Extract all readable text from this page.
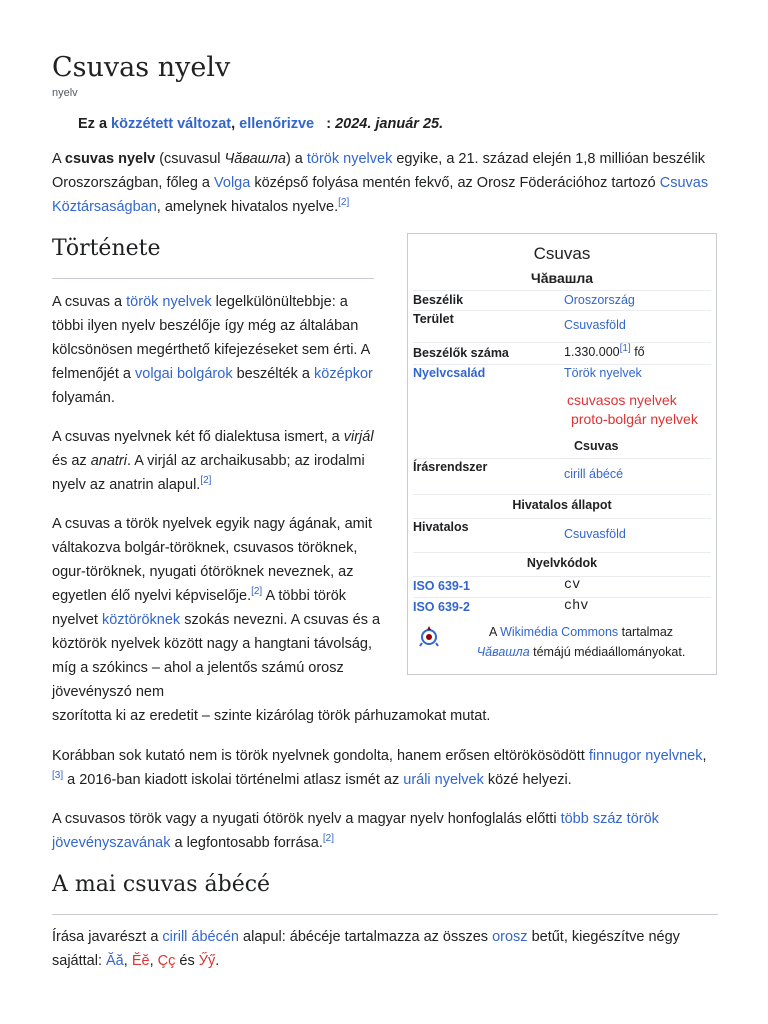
Csuvas nyelv
nyelv
Ez a közzétett változat, ellenőrizve : 2024. január 25.

A csuvas nyelv (csuvasul Чӑвашла) a török nyelvek egyike, a 21. század elején 1,8 millióan beszélik Oroszországban, főleg a Volga középső folyása mentén fekvő, az Orosz Föderációhoz tartozó Csuvas Köztársaságban, amelynek hivatalos nyelve.[2]

Története

A csuvas a török nyelvek legelkülönültebbje: a többi ilyen nyelv beszélője így még az általában kölcsönösen megérthető kifejezéseket sem érti. A felmenőjét a volgai bolgárok beszélték a középkor folyamán.

A csuvas nyelvnek két fő dialektusa ismert, a virjál és az anatri. A virjál az archaikusabb; az irodalmi nyelv az anatrin alapul.[2]

A csuvas a török nyelvek egyik nagy ágának, amit váltakozva bolgár-töröknek, csuvasos töröknek, ogur-töröknek, nyugati ótöröknek neveznek, az egyetlen élő nyelvi képviselője.[2] A többi török nyelvet köztöröknek szokás nevezni. A csuvas és a köztörök nyelvek között nagy a hangtani távolság, míg a szókincs – ahol a jelentős számú orosz jövevényszó nem
szorította ki az eredetit – szinte kizárólag török párhuzamokat mutat.

Korábban sok kutató nem is török nyelvnek gondolta, hanem erősen eltörökösödött finnugor nyelvnek,[3] a 2016-ban kiadott iskolai történelmi atlasz ismét az uráli nyelvek közé helyezi.

A csuvasos török vagy a nyugati ótörök nyelv a magyar nyelv honfoglalás előtti több száz török jövevényszavának a legfontosabb forrása.[2]

A mai csuvas ábécé

Írása javarészt a cirill ábécén alapul: ábécéje tartalmazza az összes orosz betűt, kiegészítve négy sajáttal: Ӑӑ, Ӗӗ, Çç és Ӳӳ.

Csuvas
Чӑвашла
Beszélik	Oroszország
Terület	Csuvasföld
Beszélők száma	1.330.000[1] fő
Nyelvcsalád	Török nyelvek
csuvasos nyelvek
proto-bolgár nyelvek
Csuvas
Írásrendszer	cirill ábécé
Hivatalos állapot
Hivatalos	Csuvasföld
Nyelvkódok
ISO 639-1	cv
ISO 639-2	chv
A Wikimédia Commons tartalmaz
Чӑвашла témájú médiaállományokat.
